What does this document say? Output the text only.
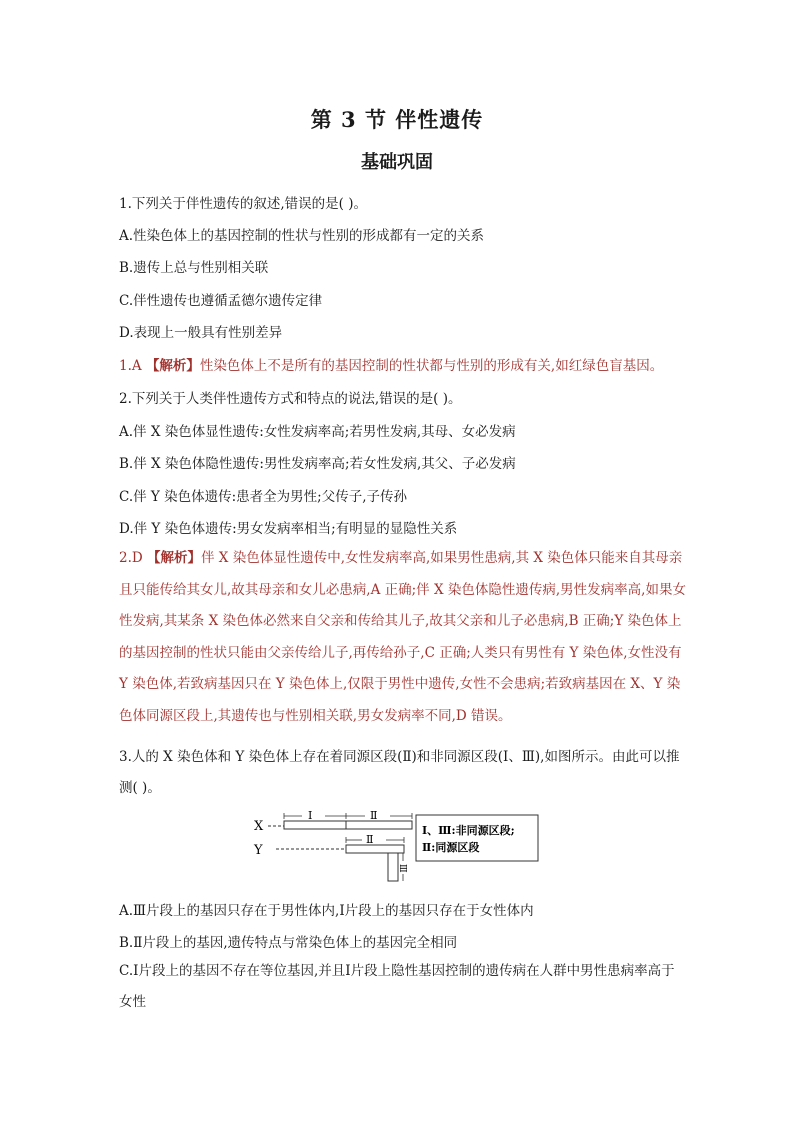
第 3 节 伴性遗传
基础巩固
1.下列关于伴性遗传的叙述,错误的是( )。
A.性染色体上的基因控制的性状与性别的形成都有一定的关系
B.遗传上总与性别相关联
C.伴性遗传也遵循孟德尔遗传定律
D.表现上一般具有性别差异
1.A 【解析】性染色体上不是所有的基因控制的性状都与性别的形成有关,如红绿色盲基因。
2.下列关于人类伴性遗传方式和特点的说法,错误的是( )。
A.伴 X 染色体显性遗传:女性发病率高;若男性发病,其母、女必发病
B.伴 X 染色体隐性遗传:男性发病率高;若女性发病,其父、子必发病
C.伴 Y 染色体遗传:患者全为男性;父传子,子传孙
D.伴 Y 染色体遗传:男女发病率相当;有明显的显隐性关系
2.D 【解析】伴 X 染色体显性遗传中,女性发病率高,如果男性患病,其 X 染色体只能来自其母亲且只能传给其女儿,故其母亲和女儿必患病,A 正确;伴 X 染色体隐性遗传病,男性发病率高,如果女性发病,其某条 X 染色体必然来自父亲和传给其儿子,故其父亲和儿子必患病,B 正确;Y 染色体上的基因控制的性状只能由父亲传给儿子,再传给孙子,C 正确;人类只有男性有 Y 染色体,女性没有 Y 染色体,若致病基因只在 Y 染色体上,仅限于男性中遗传,女性不会患病;若致病基因在 X、Y 染色体同源区段上,其遗传也与性别相关联,男女发病率不同,D 错误。
3.人的 X 染色体和 Y 染色体上存在着同源区段(Ⅱ)和非同源区段(Ⅰ、Ⅲ),如图所示。由此可以推测( )。
X
Ⅰ	Ⅱ
Y
Ⅱ
Ⅲ
Ⅰ、Ⅲ:非同源区段;
Ⅱ:同源区段
A.Ⅲ片段上的基因只存在于男性体内,Ⅰ片段上的基因只存在于女性体内
B.Ⅱ片段上的基因,遗传特点与常染色体上的基因完全相同
C.Ⅰ片段上的基因不存在等位基因,并且Ⅰ片段上隐性基因控制的遗传病在人群中男性患病率高于女性
